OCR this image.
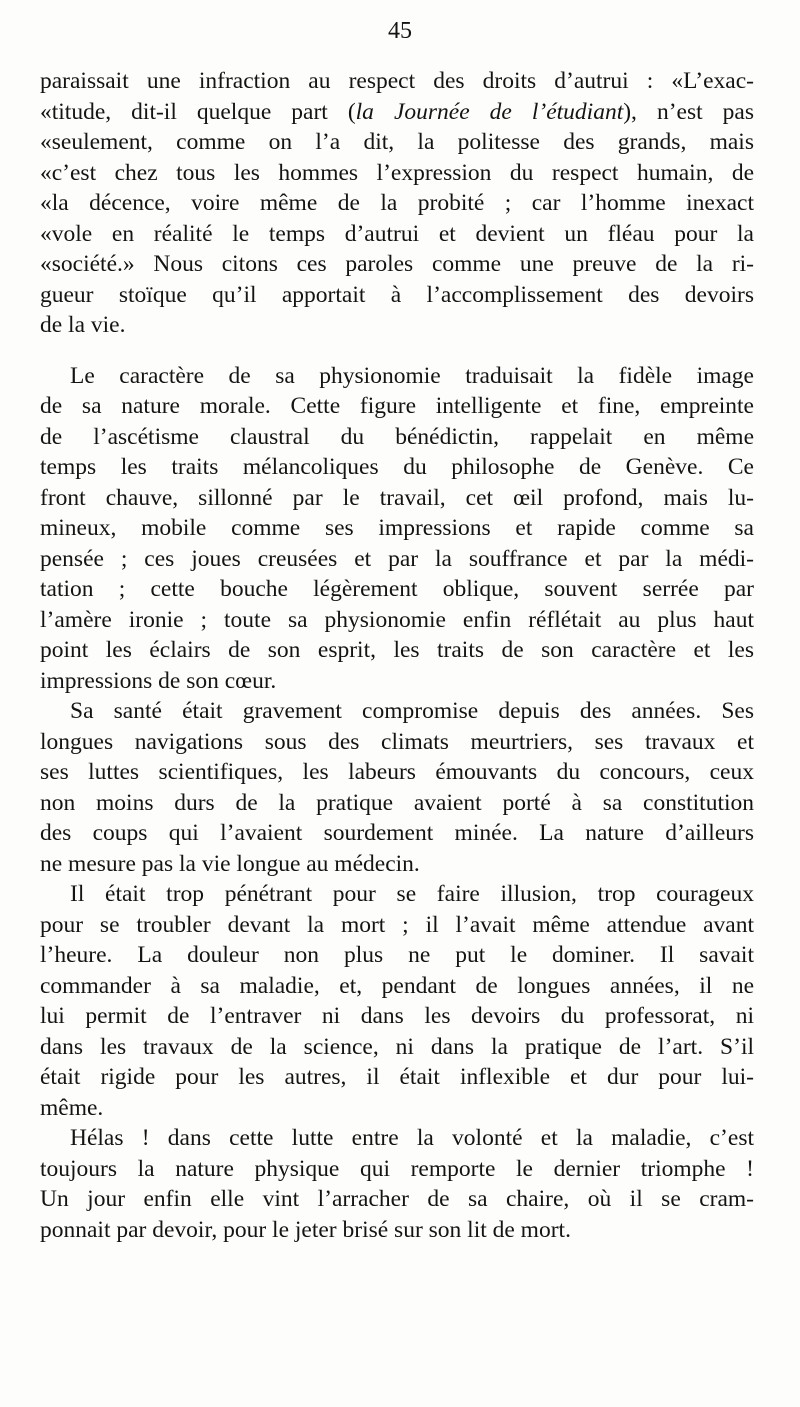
45
paraissait une infraction au respect des droits d’autrui : «L’exac-
«titude, dit-il quelque part (la Journée de l’étudiant), n’est pas
«seulement, comme on l’a dit, la politesse des grands, mais
«c’est chez tous les hommes l’expression du respect humain, de
«la décence, voire même de la probité ; car l’homme inexact
«vole en réalité le temps d’autrui et devient un fléau pour la
«société.» Nous citons ces paroles comme une preuve de la ri-
gueur stoïque qu’il apportait à l’accomplissement des devoirs
de la vie.
Le caractère de sa physionomie traduisait la fidèle image
de sa nature morale. Cette figure intelligente et fine, empreinte
de l’ascétisme claustral du bénédictin, rappelait en même
temps les traits mélancoliques du philosophe de Genève. Ce
front chauve, sillonné par le travail, cet œil profond, mais lu-
mineux, mobile comme ses impressions et rapide comme sa
pensée ; ces joues creusées et par la souffrance et par la médi-
tation ; cette bouche légèrement oblique, souvent serrée par
l’amère ironie ; toute sa physionomie enfin réflétait au plus haut
point les éclairs de son esprit, les traits de son caractère et les
impressions de son cœur.
Sa santé était gravement compromise depuis des années. Ses
longues navigations sous des climats meurtriers, ses travaux et
ses luttes scientifiques, les labeurs émouvants du concours, ceux
non moins durs de la pratique avaient porté à sa constitution
des coups qui l’avaient sourdement minée. La nature d’ailleurs
ne mesure pas la vie longue au médecin.
Il était trop pénétrant pour se faire illusion, trop courageux
pour se troubler devant la mort ; il l’avait même attendue avant
l’heure. La douleur non plus ne put le dominer. Il savait
commander à sa maladie, et, pendant de longues années, il ne
lui permit de l’entraver ni dans les devoirs du professorat, ni
dans les travaux de la science, ni dans la pratique de l’art. S’il
était rigide pour les autres, il était inflexible et dur pour lui-
même.
Hélas ! dans cette lutte entre la volonté et la maladie, c’est
toujours la nature physique qui remporte le dernier triomphe !
Un jour enfin elle vint l’arracher de sa chaire, où il se cram-
ponnait par devoir, pour le jeter brisé sur son lit de mort.
